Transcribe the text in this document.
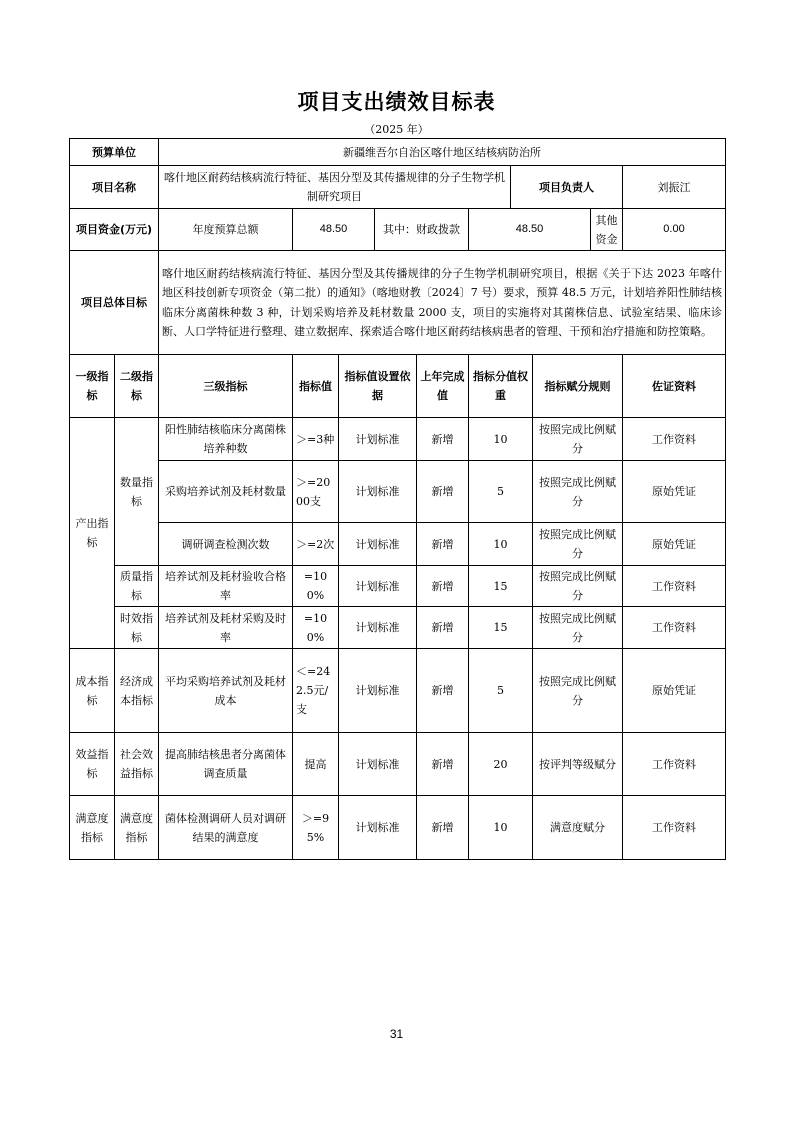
项目支出绩效目标表
（2025 年）
预算单位		新疆维吾尔自治区喀什地区结核病防治所									
项目名称		喀什地区耐药结核病流行特征、基因分型及其传播规律的分子生物学机制研究项目						项目负责人			刘振江
项目资金(万元)		年度预算总额	48.50		其中：财政拨款		48.50			其他资金	0.00
项目总体目标		喀什地区耐药结核病流行特征、基因分型及其传播规律的分子生物学机制研究项目，根据《关于下达 2023 年喀什地区科技创新专项资金（第二批）的通知》（喀地财教〔2024〕7 号）要求，预算 48.5 万元，计划培养阳性肺结核临床分离菌株种数 3 种，计划采购培养及耗材数量 2000 支，项目的实施将对其菌株信息、试验室结果、临床诊断、人口学特征进行整理、建立数据库、探索适合喀什地区耐药结核病患者的管理、干预和治疗措施和防控策略。									
一级指标	二级指标	三级指标	指标值	指标值设置依据		上年完成值	指标分值权重		指标赋分规则		佐证资料
产出指标	数量指标	阳性肺结核临床分离菌株培养种数	＞=3种	计划标准		新增	10		按照完成比例赋分		工作资料
		采购培养试剂及耗材数量	＞=2000支	计划标准		新增	5		按照完成比例赋分		原始凭证
		调研调查检测次数	＞=2次	计划标准		新增	10		按照完成比例赋分		原始凭证
	质量指标	培养试剂及耗材验收合格率	=100%	计划标准		新增	15		按照完成比例赋分		工作资料
	时效指标	培养试剂及耗材采购及时率	=100%	计划标准		新增	15		按照完成比例赋分		工作资料
成本指标	经济成本指标	平均采购培养试剂及耗材成本	＜=242.5元/支	计划标准		新增	5		按照完成比例赋分		原始凭证
效益指标	社会效益指标	提高肺结核患者分离菌体调查质量	提高	计划标准		新增	20		按评判等级赋分		工作资料
满意度指标	满意度指标	菌体检测调研人员对调研结果的满意度	＞=95%	计划标准		新增	10		满意度赋分		工作资料
31
